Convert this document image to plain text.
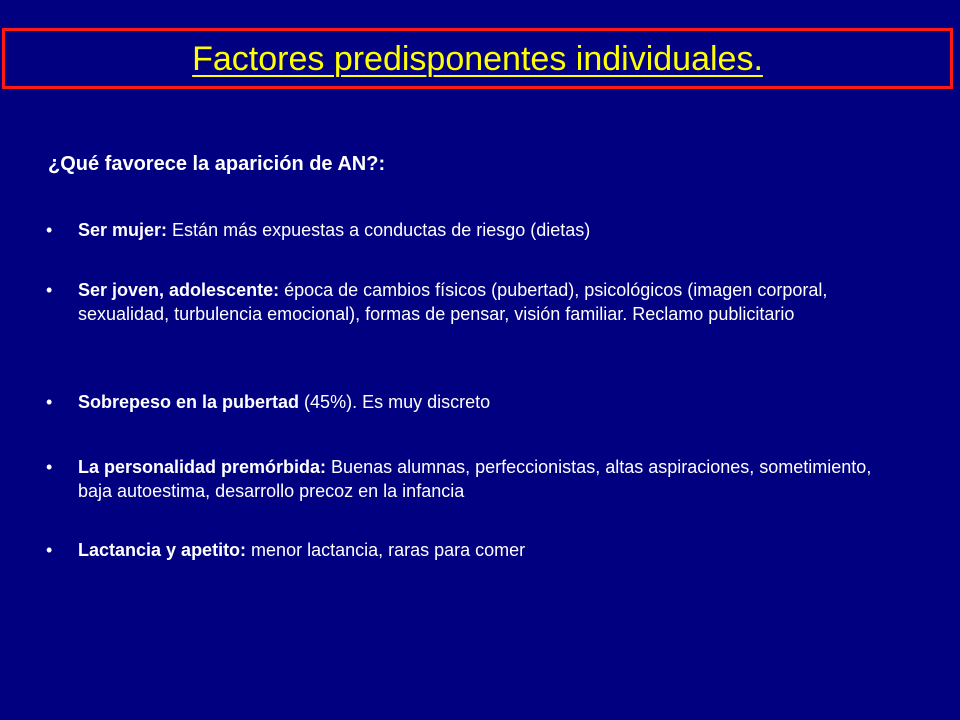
Factores predisponentes individuales.
¿Qué favorece la aparición de AN?:
• Ser mujer: Están más expuestas a conductas de riesgo (dietas)
• Ser joven, adolescente: época de cambios físicos (pubertad), psicológicos (imagen corporal, sexualidad, turbulencia emocional), formas de pensar, visión familiar. Reclamo publicitario
• Sobrepeso en la pubertad (45%). Es muy discreto
• La personalidad premórbida: Buenas alumnas, perfeccionistas, altas aspiraciones, sometimiento, baja autoestima, desarrollo precoz en la infancia
• Lactancia y apetito: menor lactancia, raras para comer
